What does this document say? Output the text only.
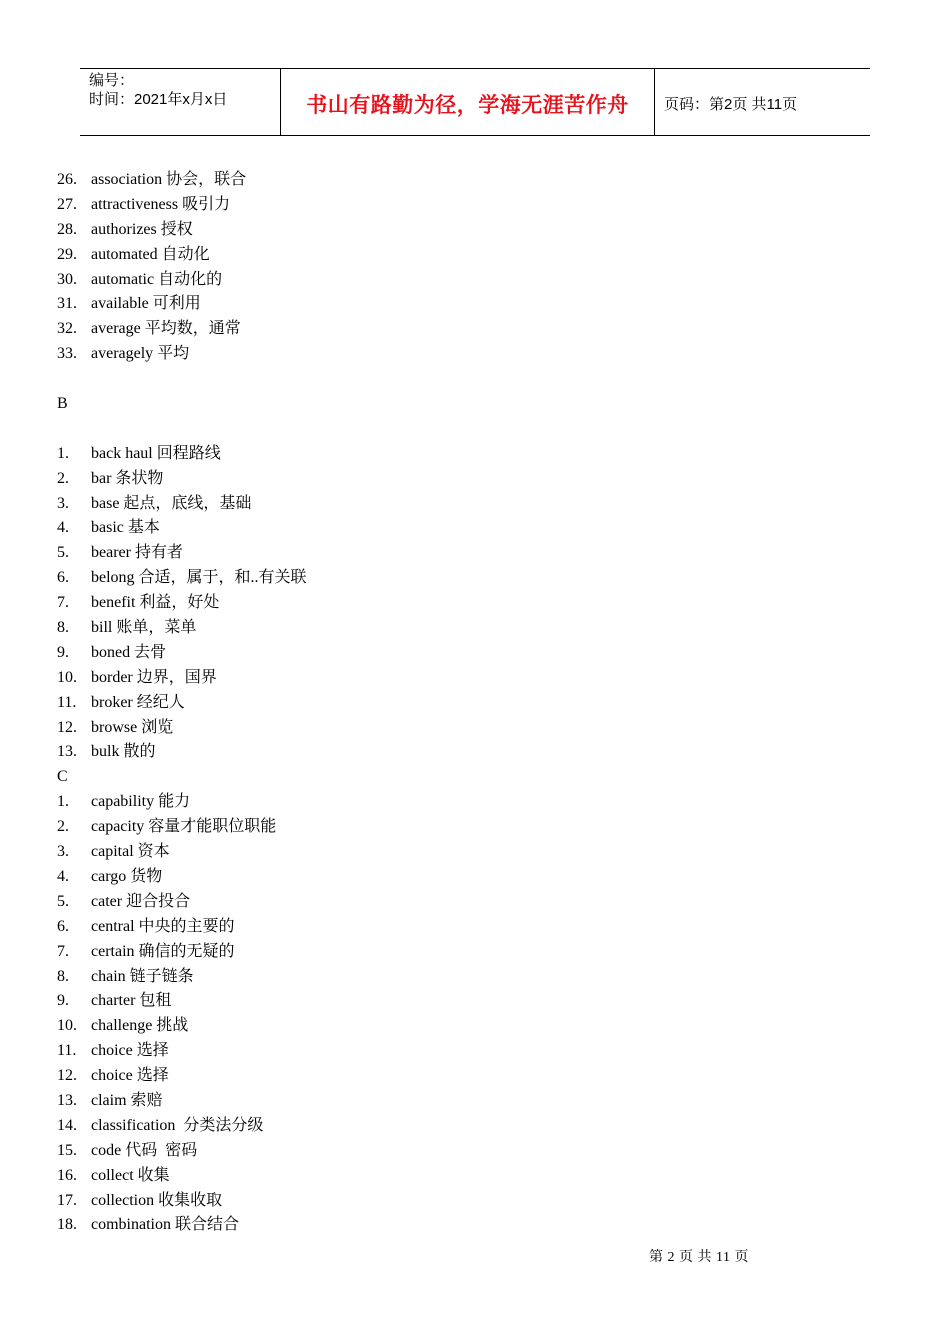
编号：
时间：2021年x月x日	书山有路勤为径，学海无涯苦作舟	页码：第2页 共11页
26. association 协会，联合
27. attractiveness 吸引力
28. authorizes 授权
29. automated 自动化
30. automatic 自动化的
31. available 可利用
32. average 平均数，通常
33. averagely 平均
B
1. back haul 回程路线
2. bar 条状物
3. base 起点，底线，基础
4. basic 基本
5. bearer 持有者
6. belong 合适，属于，和..有关联
7. benefit 利益，好处
8. bill 账单，菜单
9. boned 去骨
10. border 边界，国界
11. broker 经纪人
12. browse 浏览
13. bulk 散的
C
1. capability 能力
2. capacity 容量才能职位职能
3. capital 资本
4. cargo 货物
5. cater 迎合投合
6. central 中央的主要的
7. certain 确信的无疑的
8. chain 链子链条
9. charter 包租
10. challenge 挑战
11. choice 选择
12. choice 选择
13. claim 索赔
14. classification  分类法分级
15. code 代码  密码
16. collect 收集
17. collection 收集收取
18. combination 联合结合
第 2 页 共 11 页
